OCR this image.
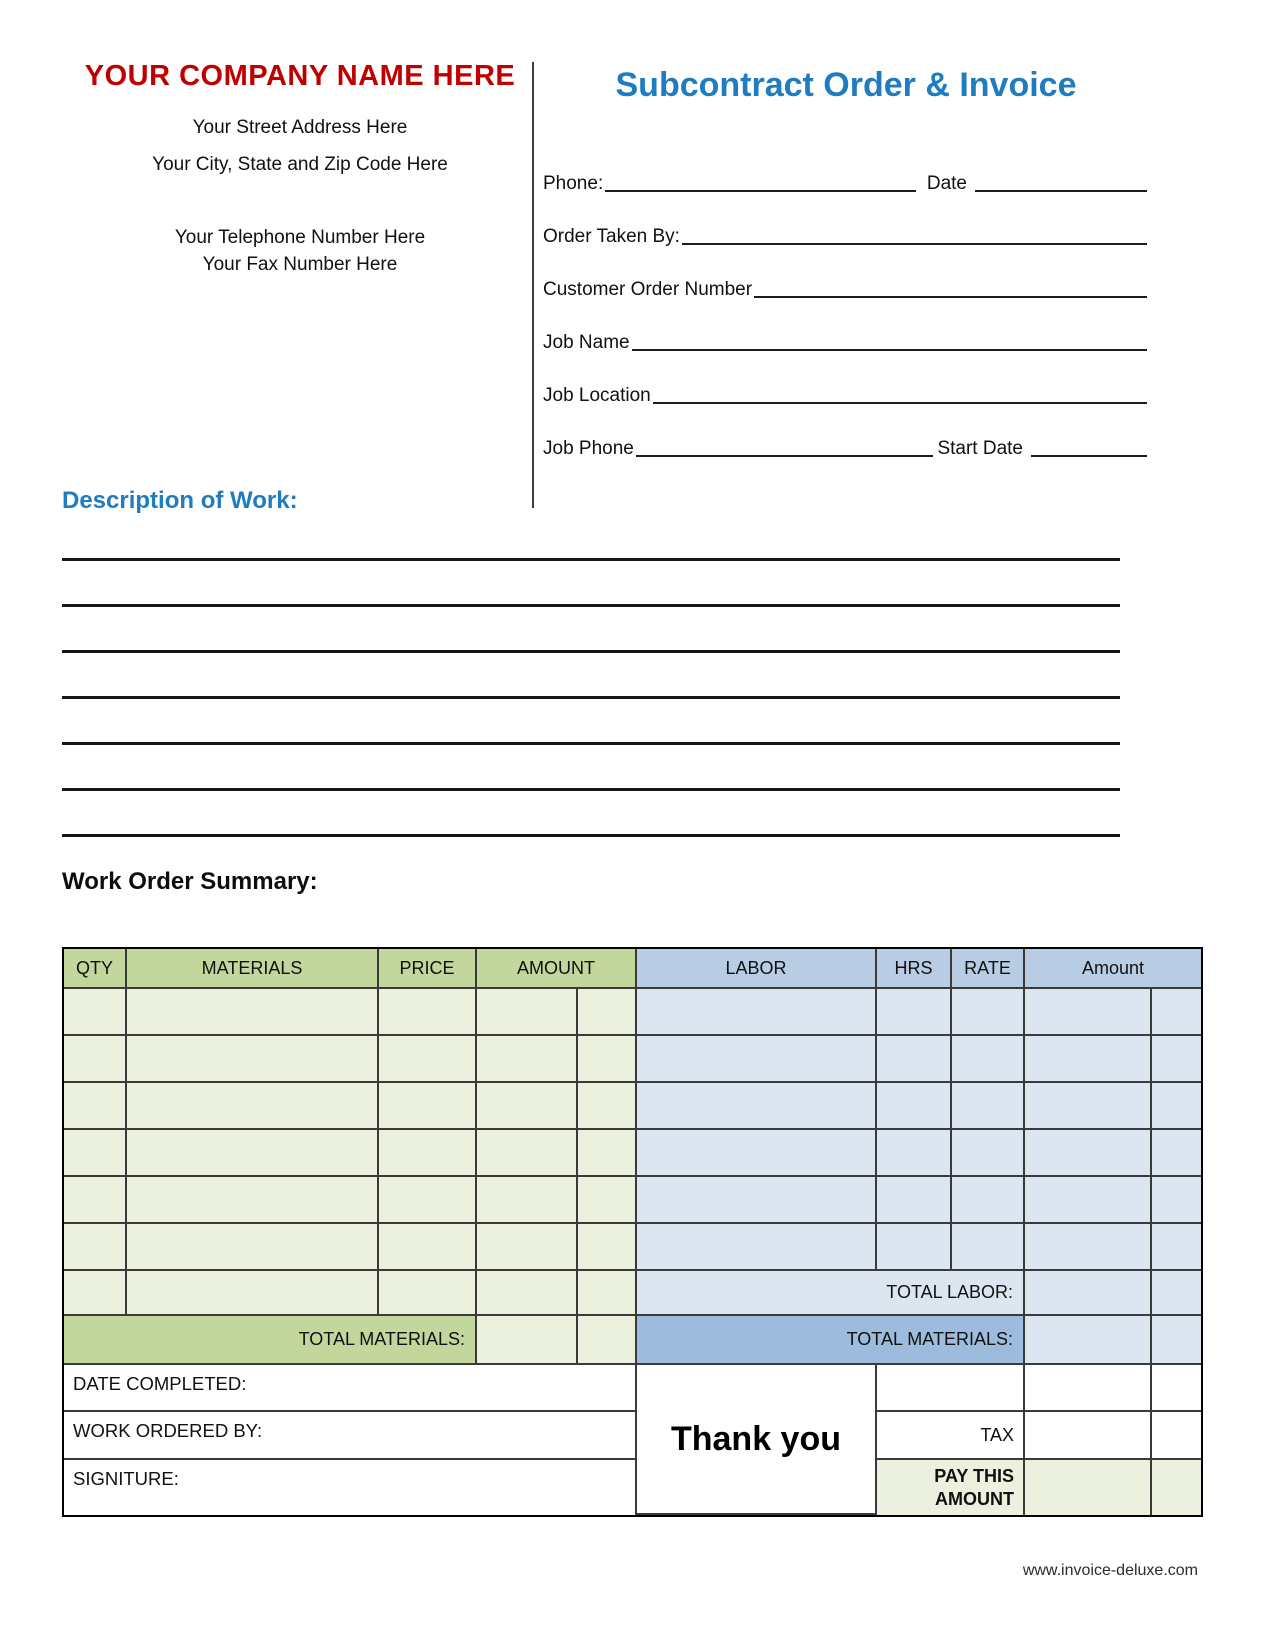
YOUR COMPANY NAME HERE
Your Street Address Here
Your City, State and Zip Code Here
Your Telephone Number Here
Your Fax Number Here
Subcontract Order & Invoice
Phone:	Date
Order Taken By:
Customer Order Number
Job Name
Job Location
Job Phone	Start Date
Description of Work:
Work Order Summary:
QTY	MATERIALS	PRICE	AMOUNT	LABOR	HRS	RATE	Amount
TOTAL LABOR:
TOTAL MATERIALS:	TOTAL MATERIALS:
DATE COMPLETED:
Thank you
WORK ORDERED BY:	TAX
SIGNITURE:	PAY THIS AMOUNT
www.invoice-deluxe.com
